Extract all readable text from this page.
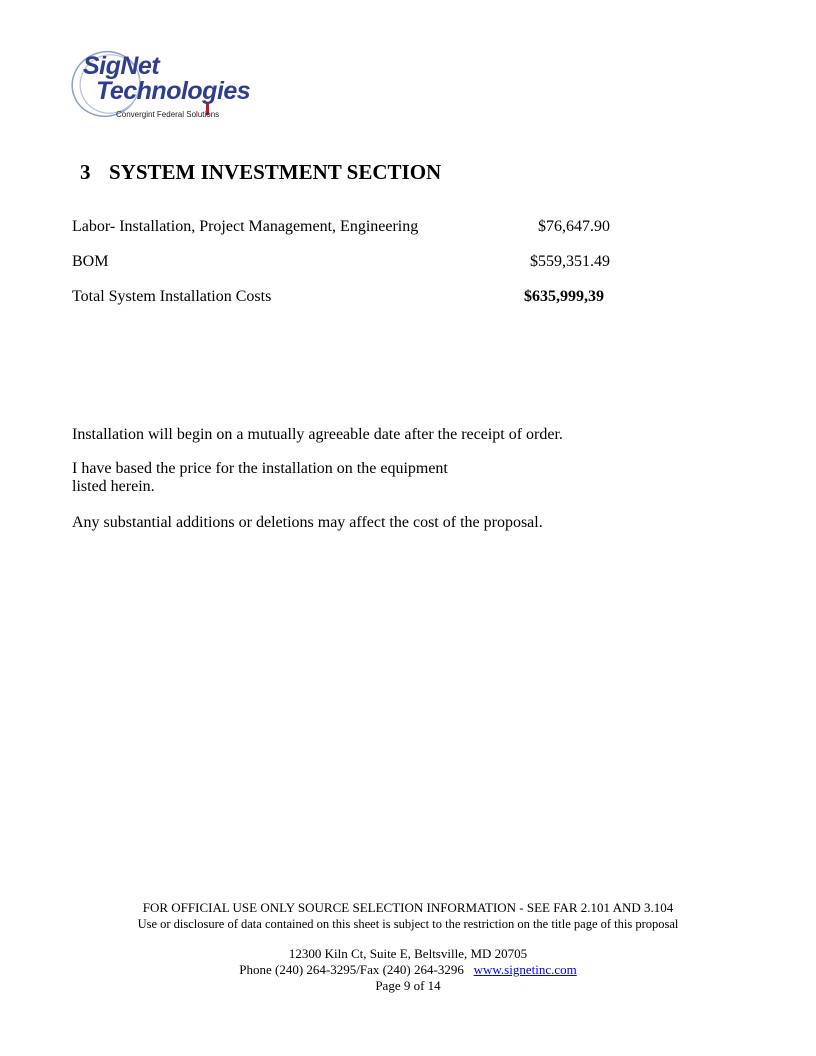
SigNet
Technologies
Convergint Federal Solutions
3 SYSTEM INVESTMENT SECTION
Labor- Installation, Project Management, Engineering	$76,647.90
BOM	$559,351.49
Total System Installation Costs	$635,999,39

Installation will begin on a mutually agreeable date after the receipt of order.

I have based the price for the installation on the equipment

listed herein.

Any substantial additions or deletions may affect the cost of the proposal.

FOR OFFICIAL USE ONLY SOURCE SELECTION INFORMATION - SEE FAR 2.101 AND 3.104
Use or disclosure of data contained on this sheet is subject to the restriction on the title page of this proposal
12300 Kiln Ct, Suite E, Beltsville, MD 20705
Phone (240) 264-3295/Fax (240) 264-3296 www.signetinc.com
Page 9 of 14
